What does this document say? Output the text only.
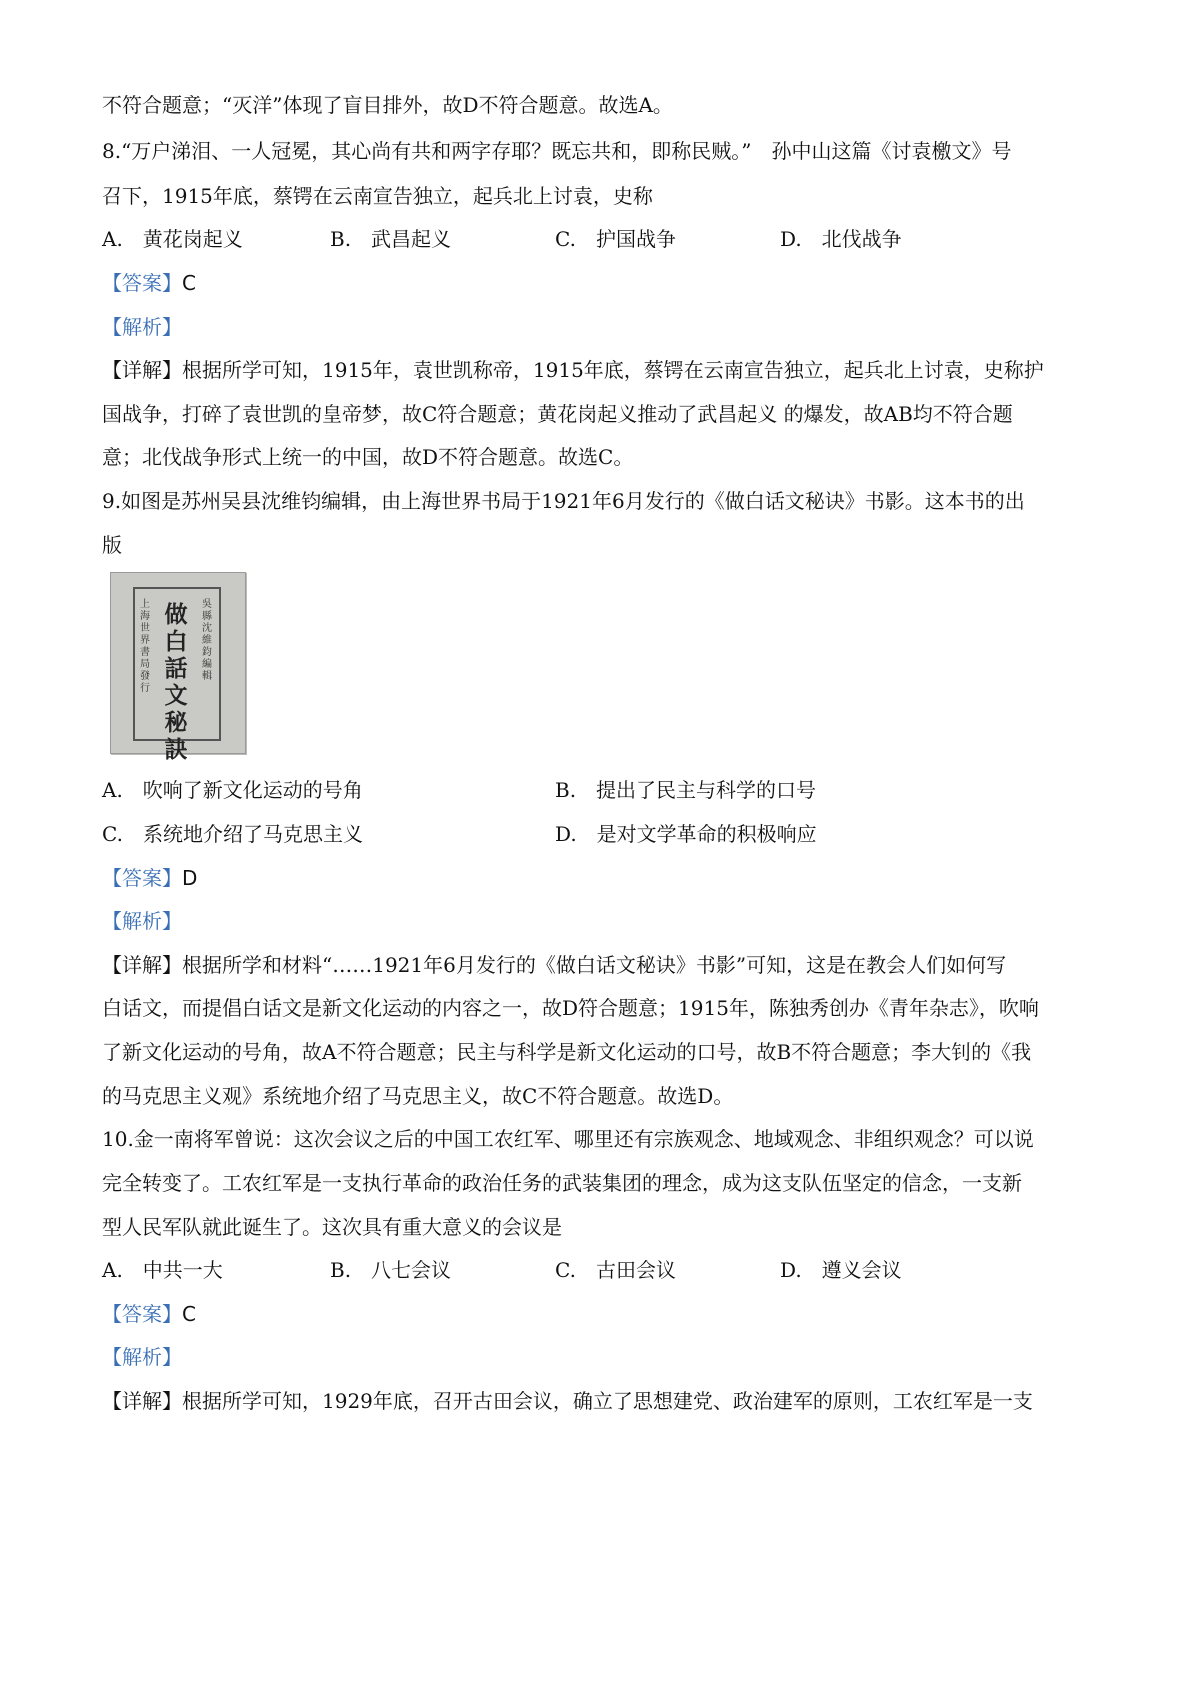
不符合题意；“灭洋”体现了盲目排外，故D不符合题意。故选A。
8.“万户涕泪、一人冠冕，其心尚有共和两字存耶？既忘共和，即称民贼。”　孙中山这篇《讨袁檄文》号
召下，1915年底，蔡锷在云南宣告独立，起兵北上讨袁，史称
A.　黄花岗起义	B.　武昌起义	C.　护国战争	D.　北伐战争
【答案】C
【解析】
【详解】根据所学可知，1915年，袁世凯称帝，1915年底，蔡锷在云南宣告独立，起兵北上讨袁，史称护
国战争，打碎了袁世凯的皇帝梦，故C符合题意；黄花岗起义推动了武昌起义 的爆发，故AB均不符合题
意；北伐战争形式上统一的中国，故D不符合题意。故选C。
9.如图是苏州吴县沈维钧编辑，由上海世界书局于1921年6月发行的《做白话文秘诀》书影。这本书的出
版
上海世界書局發行
做白話文秘訣
吳縣沈維鈞編輯
A.　吹响了新文化运动的号角	B.　提出了民主与科学的口号
C.　系统地介绍了马克思主义	D.　是对文学革命的积极响应
【答案】D
【解析】
【详解】根据所学和材料“……1921年6月发行的《做白话文秘诀》书影”可知，这是在教会人们如何写
白话文，而提倡白话文是新文化运动的内容之一，故D符合题意；1915年，陈独秀创办《青年杂志》，吹响
了新文化运动的号角，故A不符合题意；民主与科学是新文化运动的口号，故B不符合题意；李大钊的《我
的马克思主义观》系统地介绍了马克思主义，故C不符合题意。故选D。
10.金一南将军曾说：这次会议之后的中国工农红军、哪里还有宗族观念、地域观念、非组织观念？可以说
完全转变了。工农红军是一支执行革命的政治任务的武装集团的理念，成为这支队伍坚定的信念，一支新
型人民军队就此诞生了。这次具有重大意义的会议是
A.　中共一大	B.　八七会议	C.　古田会议	D.　遵义会议
【答案】C
【解析】
【详解】根据所学可知，1929年底，召开古田会议，确立了思想建党、政治建军的原则，工农红军是一支
